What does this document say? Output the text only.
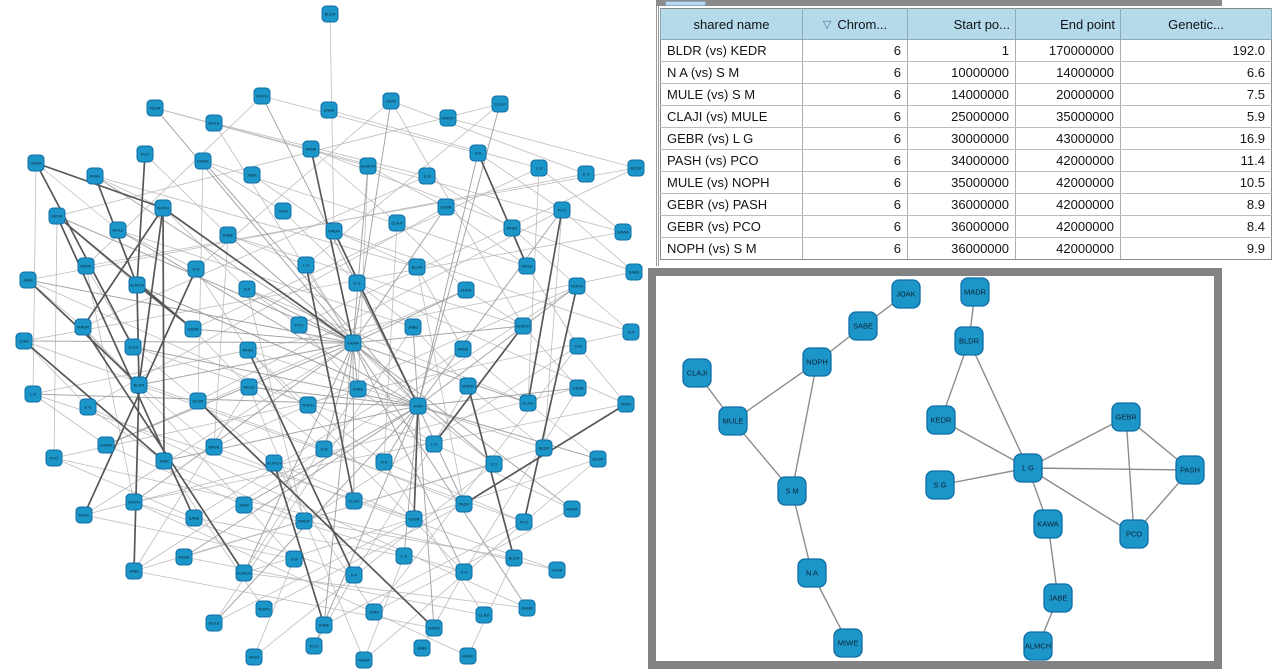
BLDR
KEDR
MULE
NOPH
SABE
JOAK
MADR
CLAJI
GEBR
PASH
PCO
KAWA
JABE
MIWE
ALMCH
S M
N A
L G
S G
BLDR
KEDR
MULE
NOPH
SABE
JOAK
MADR
CLAJI
GEBR
PASH
PCO
KAWA
JABE
MIWE
ALMCH
S M
N A
L G
S G
BLDR
KEDR
MULE
NOPH
SABE
JOAK
MADR
CLAJI
GEBR
PASH
PCO
KAWA
JABE
MIWE
ALMCH
S M
N A
L G
S G
BLDR
KEDR
MULE
NOPH
SABE
JOAK
MADR
CLAJI
GEBR
PASH
PCO
KAWA
JABE
MIWE
ALMCH
S M
N A
L G
S G
BLDR
KEDR
MULE
NOPH
SABE
JOAK
MADR
CLAJI
GEBR
PASH
PCO
KAWA
JABE
MIWE
ALMCH
S M
N A
L G
S G
BLDR
KEDR
MULE
NOPH
SABE
JOAK
MADR
CLAJI
GEBR
PASH
PCO
KAWA
JABE
MIWE
shared name	▽ Chrom...	Start po...	End point	Genetic...
BLDR (vs) KEDR	6	1	170000000	192.0
N A (vs) S M	6	10000000	14000000	6.6
MULE (vs) S M	6	14000000	20000000	7.5
CLAJI (vs) MULE	6	25000000	35000000	5.9
GEBR (vs) L G	6	30000000	43000000	16.9
PASH (vs) PCO	6	34000000	42000000	11.4
MULE (vs) NOPH	6	35000000	42000000	10.5
GEBR (vs) PASH	6	36000000	42000000	8.9
GEBR (vs) PCO	6	36000000	42000000	8.4
NOPH (vs) S M	6	36000000	42000000	9.9
JOAK	MADR
SABE
BLDR
NOPH
CLAJI
MULE	KEDR	GEBR
L G	PASH
S G
S M
KAWA
PCO
N A
JABE
MIWE	ALMCH
